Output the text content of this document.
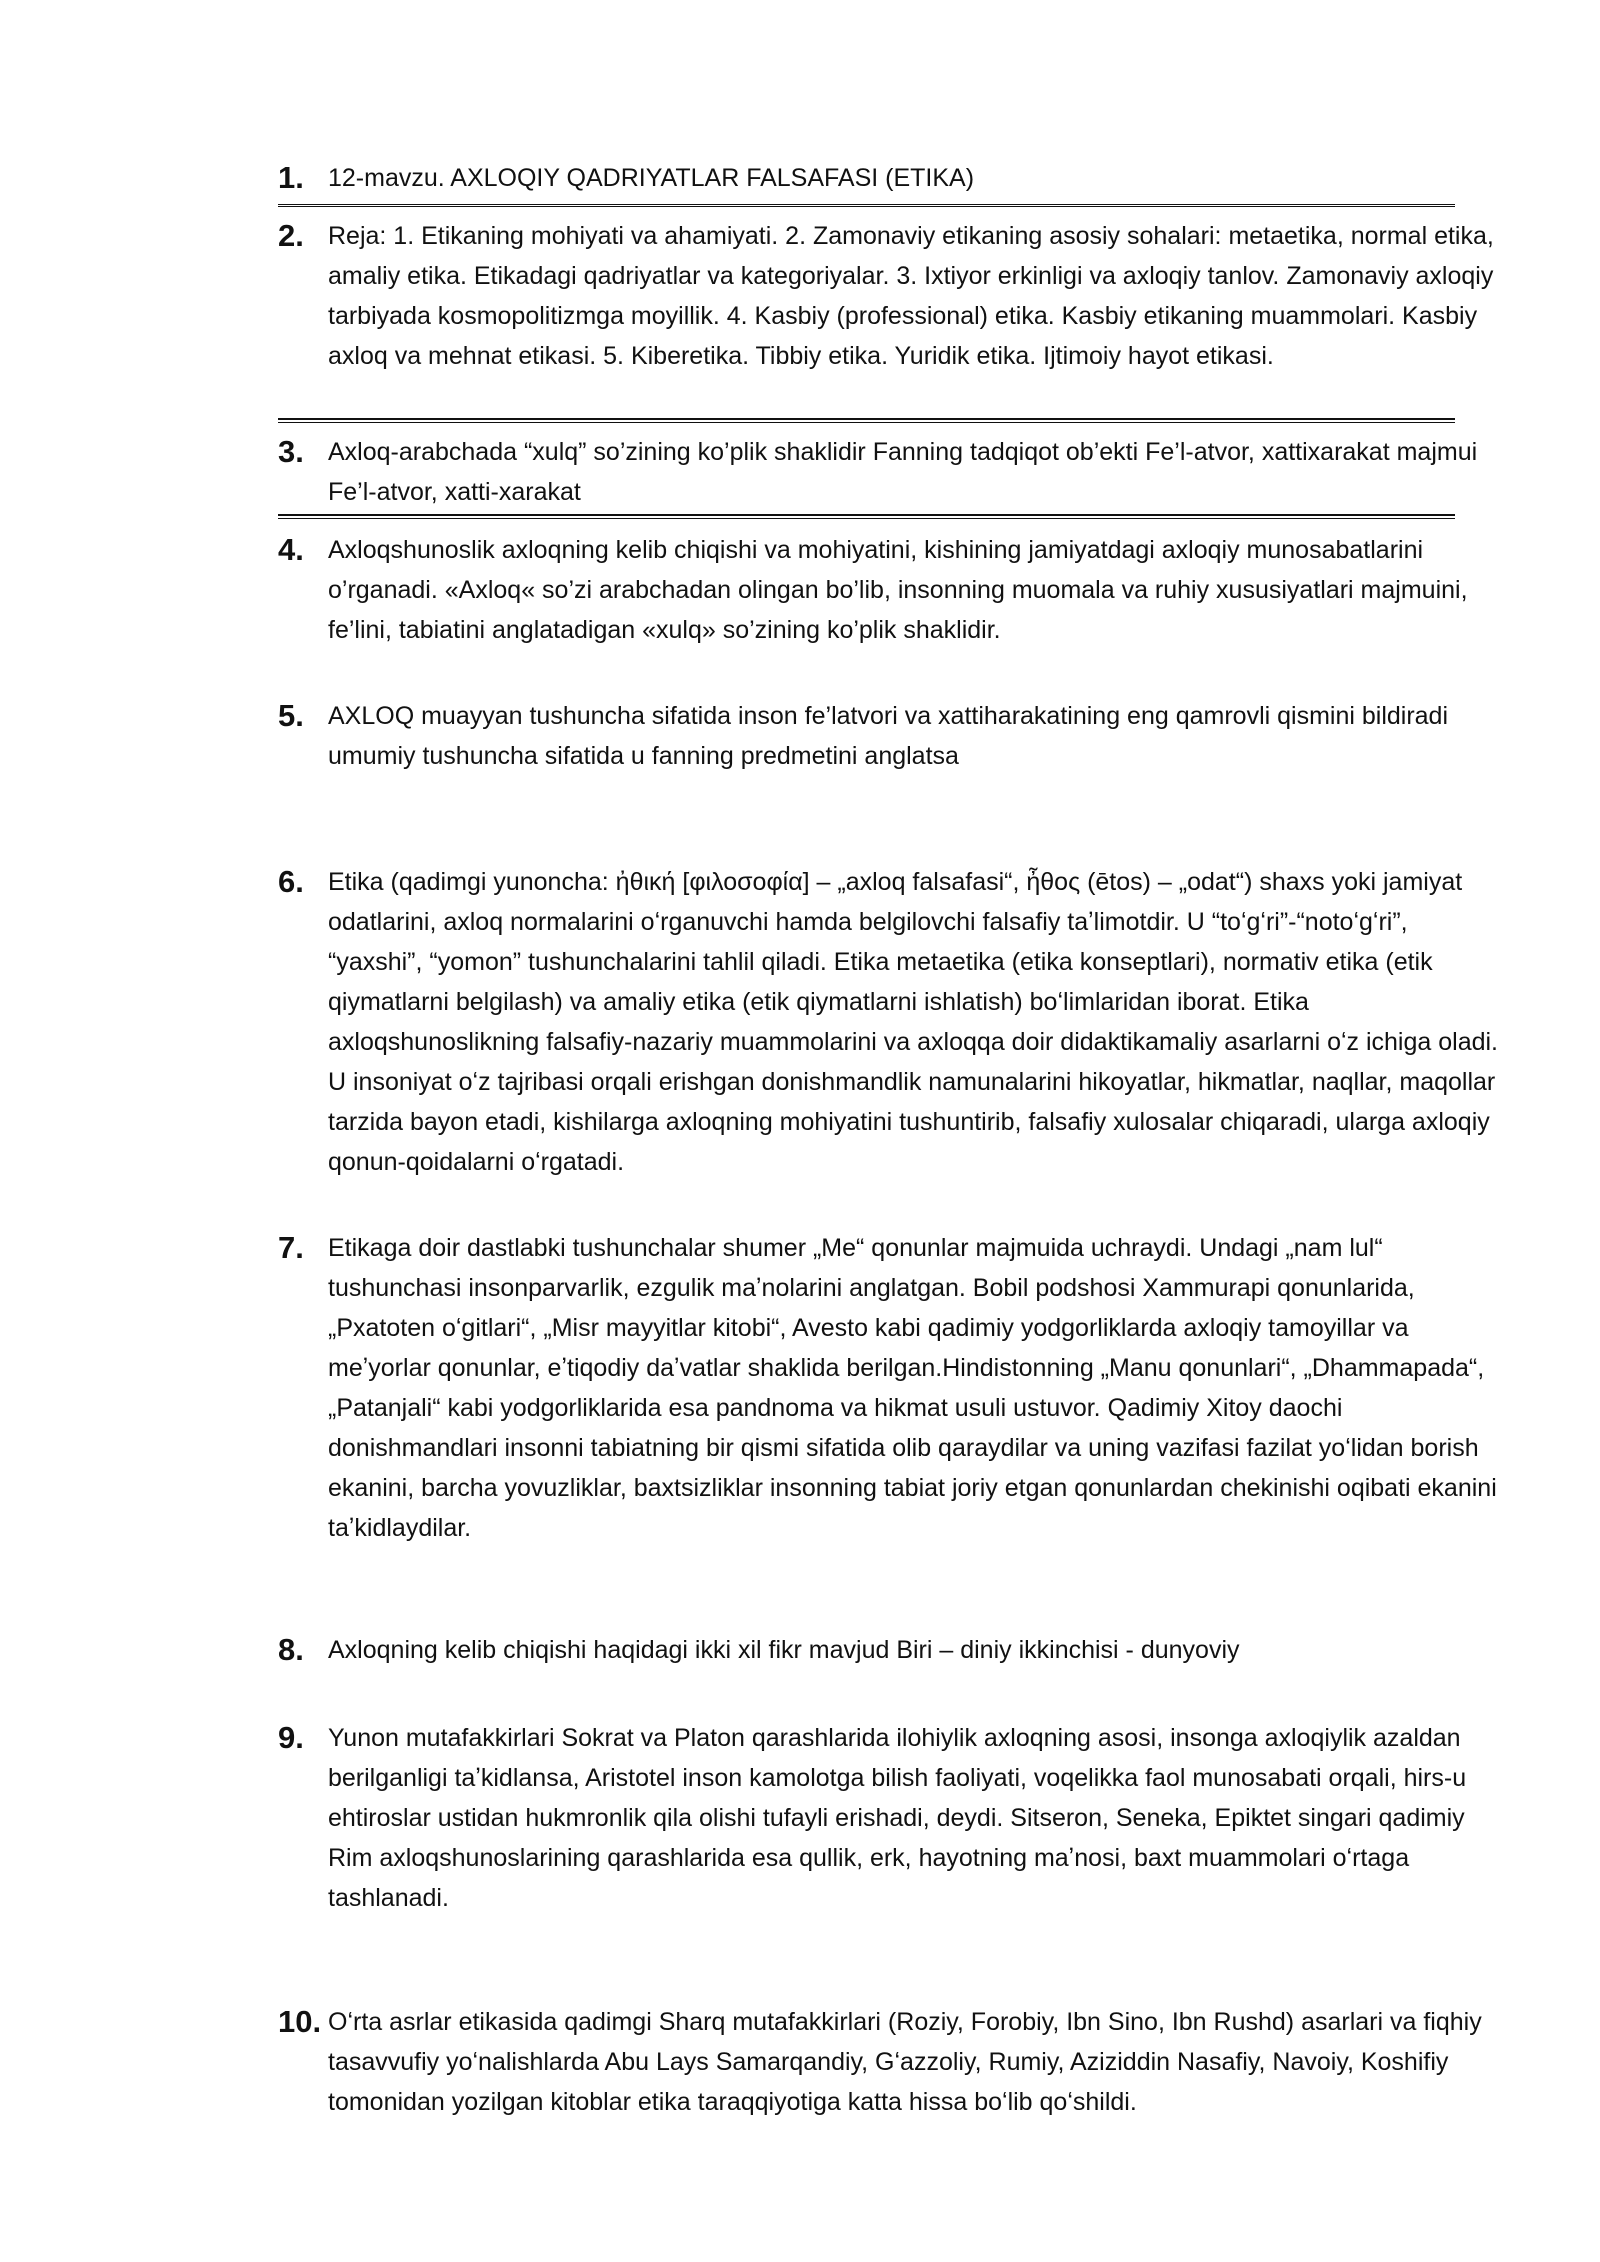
1. 12-mavzu. AXLOQIY QADRIYATLAR FALSAFASI (ETIKA)
2. Reja: 1. Etikaning mohiyati va ahamiyati. 2. Zamonaviy etikaning asosiy sohalari: metaetika, normal etika, amaliy etika. Etikadagi qadriyatlar va kategoriyalar. 3. Ixtiyor erkinligi va axloqiy tanlov. Zamonaviy axloqiy tarbiyada kosmopolitizmga moyillik. 4. Kasbiy (professional) etika. Kasbiy etikaning muammolari. Kasbiy axloq va mehnat etikasi. 5. Kiberetika. Tibbiy etika. Yuridik etika. Ijtimoiy hayot etikasi.
3. Axloq-arabchada “xulq” so’zining ko’plik shaklidir Fanning tadqiqot ob’ekti Fe’l-atvor, xattixarakat majmui Fe’l-atvor, xatti-xarakat
4. Axloqshunoslik axloqning kelib chiqishi va mohiyatini, kishining jamiyatdagi axloqiy munosabatlarini o’rganadi. «Axloq« so’zi arabchadan olingan bo’lib, insonning muomala va ruhiy xususiyatlari majmuini, fe’lini, tabiatini anglatadigan «xulq» so’zining ko’plik shaklidir.
5. AXLOQ muayyan tushuncha sifatida inson fe’latvori va xattiharakatining eng qamrovli qismini bildiradi umumiy tushuncha sifatida u fanning predmetini anglatsa
6. Etika (qadimgi yunoncha: ἠθική [φιλοσοφία] – „axloq falsafasi“, ἦθος (ētos) – „odat“) shaxs yoki jamiyat odatlarini, axloq normalarini oʻrganuvchi hamda belgilovchi falsafiy taʼlimotdir. U “toʻgʻri”-“notoʻgʻri”, “yaxshi”, “yomon” tushunchalarini tahlil qiladi. Etika metaetika (etika konseptlari), normativ etika (etik qiymatlarni belgilash) va amaliy etika (etik qiymatlarni ishlatish) boʻlimlaridan iborat. Etika axloqshunoslikning falsafiy-nazariy muammolarini va axloqqa doir didaktikamaliy asarlarni oʻz ichiga oladi. U insoniyat oʻz tajribasi orqali erishgan donishmandlik namunalarini hikoyatlar, hikmatlar, naqllar, maqollar tarzida bayon etadi, kishilarga axloqning mohiyatini tushuntirib, falsafiy xulosalar chiqaradi, ularga axloqiy qonun-qoidalarni oʻrgatadi.
7. Etikaga doir dastlabki tushunchalar shumer „Me“ qonunlar majmuida uchraydi. Undagi „nam lul“ tushunchasi insonparvarlik, ezgulik maʼnolarini anglatgan. Bobil podshosi Xammurapi qonunlarida, „Pxatoten oʻgitlari“, „Misr mayyitlar kitobi“, Avesto kabi qadimiy yodgorliklarda axloqiy tamoyillar va meʼyorlar qonunlar, eʼtiqodiy daʼvatlar shaklida berilgan.Hindistonning „Manu qonunlari“, „Dhammapada“, „Patanjali“ kabi yodgorliklarida esa pandnoma va hikmat usuli ustuvor. Qadimiy Xitoy daochi donishmandlari insonni tabiatning bir qismi sifatida olib qaraydilar va uning vazifasi fazilat yoʻlidan borish ekanini, barcha yovuzliklar, baxtsizliklar insonning tabiat joriy etgan qonunlardan chekinishi oqibati ekanini taʼkidlaydilar.
8. Axloqning kelib chiqishi haqidagi ikki xil fikr mavjud Biri – diniy ikkinchisi - dunyoviy
9. Yunon mutafakkirlari Sokrat va Platon qarashlarida ilohiylik axloqning asosi, insonga axloqiylik azaldan berilganligi taʼkidlansa, Aristotel inson kamolotga bilish faoliyati, voqelikka faol munosabati orqali, hirs-u ehtiroslar ustidan hukmronlik qila olishi tufayli erishadi, deydi. Sitseron, Seneka, Epiktet singari qadimiy Rim axloqshunoslarining qarashlarida esa qullik, erk, hayotning maʼnosi, baxt muammolari oʻrtaga tashlanadi.
10. Oʻrta asrlar etikasida qadimgi Sharq mutafakkirlari (Roziy, Forobiy, Ibn Sino, Ibn Rushd) asarlari va fiqhiy tasavvufiy yoʻnalishlarda Abu Lays Samarqandiy, Gʻazzoliy, Rumiy, Aziziddin Nasafiy, Navoiy, Koshifiy tomonidan yozilgan kitoblar etika taraqqiyotiga katta hissa boʻlib qoʻshildi.
